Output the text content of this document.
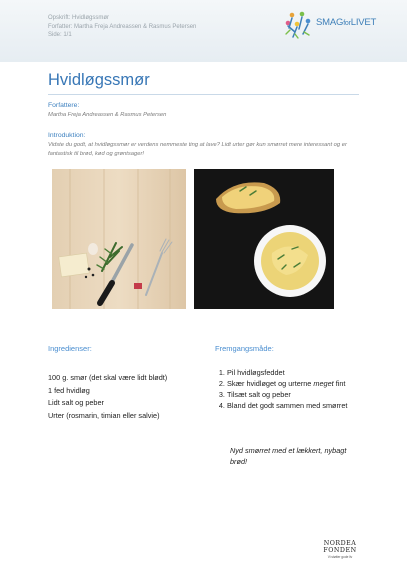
Opskrift: Hvidløgssmør
Forfatter: Martha Freja Andreassen & Rasmus Petersen
Side: 1/1
SMAGforLIVET
Hvidløgssmør
Forfattere:
Martha Freja Andreassen & Rasmus Petersen
Introduktion:
Vidste du godt, at hvidløgssmør er verdens nemmeste ting at lave? Lidt urter gør kun smørret mere interessant og er fantastisk til brød, kød og grøntsager!
Ingredienser:
100 g. smør (det skal være lidt blødt)
1 fed hvidløg
Lidt salt og peber
Urter (rosmarin, timian eller salvie)
Fremgangsmåde:
1. Pil hvidløgsfeddet
2. Skær hvidløget og urterne meget fint
3. Tilsæt salt og peber
4. Bland det godt sammen med smørret
Nyd smørret med et lækkert, nybagt brød!
NORDEA
FONDEN
Vi støtter gode liv
